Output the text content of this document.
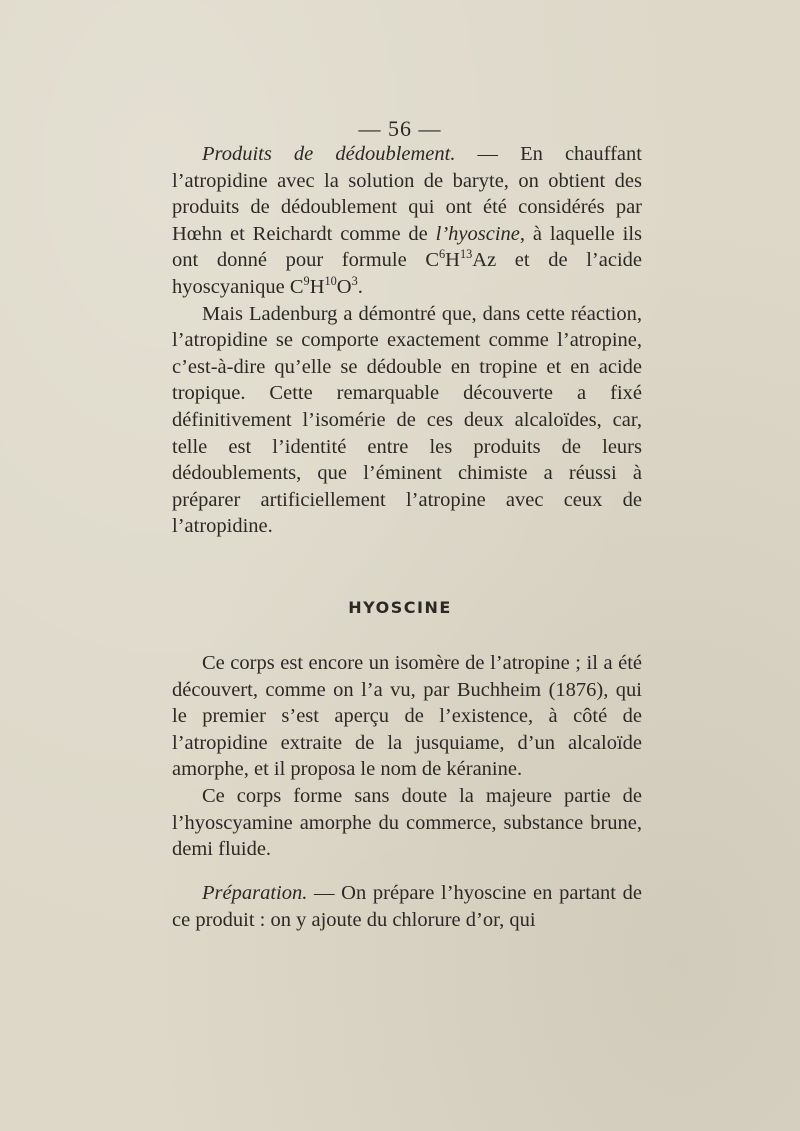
— 56 —

Produits de dédoublement. — En chauffant l’atropidine avec la solution de baryte, on obtient des produits de dédoublement qui ont été considérés par Hœhn et Reichardt comme de l’hyoscine, à laquelle ils ont donné pour formule $C^6H^{13}Az$ et de l’acide hyoscyanique $C^9H^{10}O^3$.

Mais Ladenburg a démontré que, dans cette réaction, l’atropidine se comporte exactement comme l’atropine, c’est-à-dire qu’elle se dédouble en tropine et en acide tropique. Cette remarquable découverte a fixé définitivement l’isomérie de ces deux alcaloïdes, car, telle est l’identité entre les produits de leurs dédoublements, que l’éminent chimiste a réussi à préparer artificiellement l’atropine avec ceux de l’atropidine.

HYOSCINE

Ce corps est encore un isomère de l’atropine ; il a été découvert, comme on l’a vu, par Buchheim (1876), qui le premier s’est aperçu de l’existence, à côté de l’atropidine extraite de la jusquiame, d’un alcaloïde amorphe, et il proposa le nom de kéranine.

Ce corps forme sans doute la majeure partie de l’hyoscyamine amorphe du commerce, substance brune, demi fluide.

Préparation. — On prépare l’hyoscine en partant de ce produit : on y ajoute du chlorure d’or, qui
